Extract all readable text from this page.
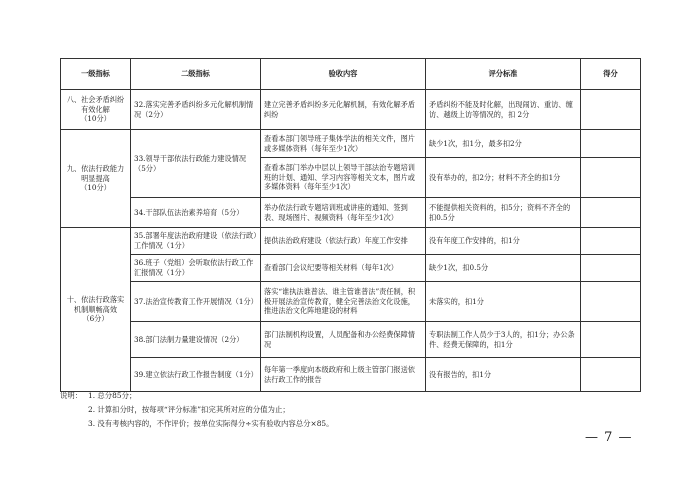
一级指标	二级指标	验收内容	评分标准	得分

八、社会矛盾纠纷有效化解
（10分）	32.落实完善矛盾纠纷多元化解机制情况（2分）	建立完善矛盾纠纷多元化解机制，有效化解矛盾纠纷	矛盾纠纷不能及时化解，出现闹访、重访、缠访、越级上访等情况的，扣 2分	

九、依法行政能力明显提高
（10分）	33.领导干部依法行政能力建设情况（5分）	查看本部门领导班子集体学法的相关文件，图片或多媒体资料（每年至少1次）	缺少1次，扣1分，最多扣2分	
		查看本部门举办中层以上领导干部法治专题培训班的计划、通知、学习内容等相关文本，图片或多媒体资料（每年至少1次）	没有举办的，扣2分；材料不齐全的扣1分	
	34.干部队伍法治素养培育（5分）	举办依法行政专题培训班或讲座的通知、签到表、现场图片、视频资料（每年至少1次）	不能提供相关资料的，扣5分；资料不齐全的扣0.5分	

十、依法行政落实机制顺畅高效
（6分）	35.部署年度法治政府建设（依法行政）工作情况（1分）	提供法治政府建设（依法行政）年度工作安排	没有年度工作安排的，扣1分	
	36.班子（党组）会听取依法行政工作汇报情况（1分）	查看部门会议纪要等相关材料（每年1次）	缺少1次，扣0.5分	
	37.法治宣传教育工作开展情况（1分）	落实“谁执法谁普法、谁主管谁普法”责任制，积极开展法治宣传教育，健全完善法治文化设施，推进法治文化阵地建设的材料	未落实的，扣1分	
	38.部门法制力量建设情况（2分）	部门法制机构设置，人员配备和办公经费保障情况	专职法制工作人员少于3人的，扣1分；办公条件、经费无保障的，扣1分	
	39.建立依法行政工作报告制度（1分）	每年第一季度向本级政府和上级主管部门报送依法行政工作的报告	没有报告的，扣1分	
说明： 1. 总分85分；
2. 计算扣分时，按每项“评分标准”扣完其所对应的分值为止；
3. 没有考核内容的，不作评价；按单位实际得分÷实有验收内容总分×85。
— 7 —
